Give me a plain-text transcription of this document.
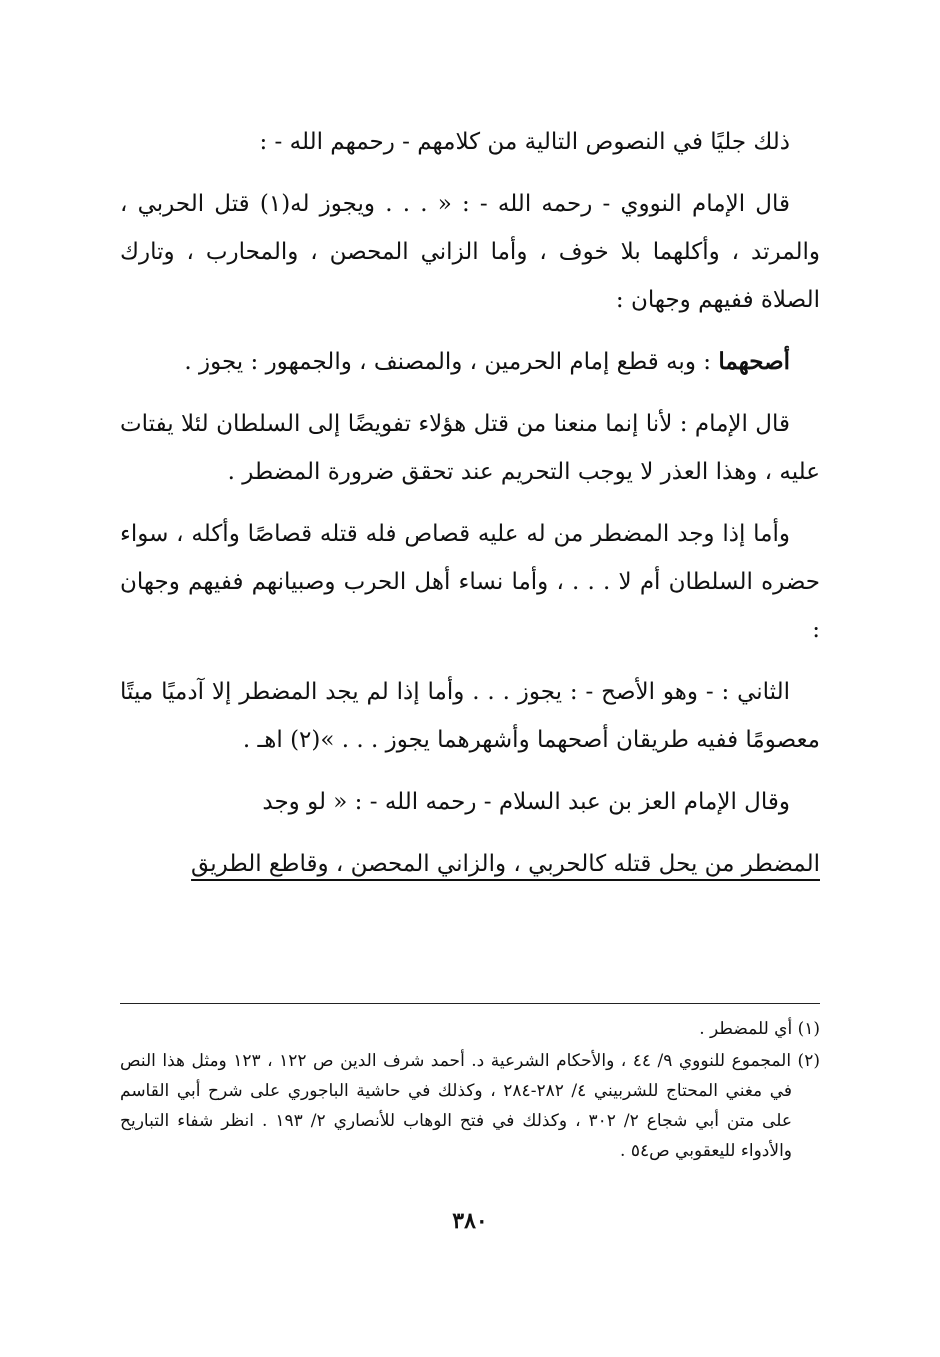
ذلك جليًا في النصوص التالية من كلامهم - رحمهم الله - :

قال الإمام النووي - رحمه الله - : « . . . ويجوز له(١) قتل الحربي ، والمرتد ، وأكلهما بلا خوف ، وأما الزاني المحصن ، والمحارب ، وتارك الصلاة ففيهم وجهان :

أصحهما : وبه قطع إمام الحرمين ، والمصنف ، والجمهور : يجوز .

قال الإمام : لأنا إنما منعنا من قتل هؤلاء تفويضًا إلى السلطان لئلا يفتات عليه ، وهذا العذر لا يوجب التحريم عند تحقق ضرورة المضطر .

وأما إذا وجد المضطر من له عليه قصاص فله قتله قصاصًا وأكله ، سواء حضره السلطان أم لا . . . ، وأما نساء أهل الحرب وصبيانهم ففيهم وجهان :

الثاني : - وهو الأصح - : يجوز . . . وأما إذا لم يجد المضطر إلا آدميًا ميتًا معصومًا ففيه طريقان أصحهما وأشهرهما يجوز . . . »(٢) اهـ .

وقال الإمام العز بن عبد السلام - رحمه الله - : « لو وجد

المضطر من يحل قتله كالحربي ، والزاني المحصن ، وقاطع الطريق

(١) أي للمضطر .

(٢) المجموع للنووي ٩/ ٤٤ ، والأحكام الشرعية د. أحمد شرف الدين ص ١٢٢ ، ١٢٣ ومثل هذا النص في مغني المحتاج للشربيني ٤/ ٢٨٢-٢٨٤ ، وكذلك في حاشية الباجوري على شرح أبي القاسم على متن أبي شجاع ٢/ ٣٠٢ ، وكذلك في فتح الوهاب للأنصاري ٢/ ١٩٣ . انظر شفاء التباريح والأدواء لليعقوبي ص٥٤ .

٣٨٠
